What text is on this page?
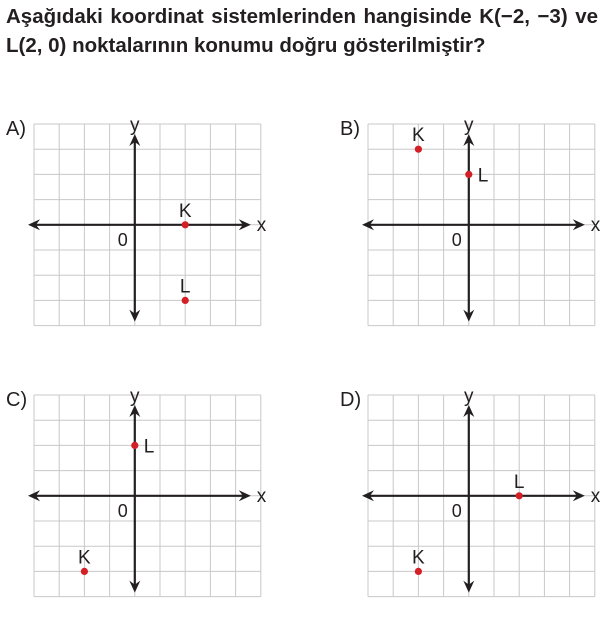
Aşağıdaki koordinat sistemlerinden hangisinde K(−2, −3) ve L(2, 0) noktalarının konumu doğru gösterilmiştir?

A)
x
y
0
K
L
B)
x
y
0
K
L
C)
x
y
0
K
L
D)
x
y
0
K
L
